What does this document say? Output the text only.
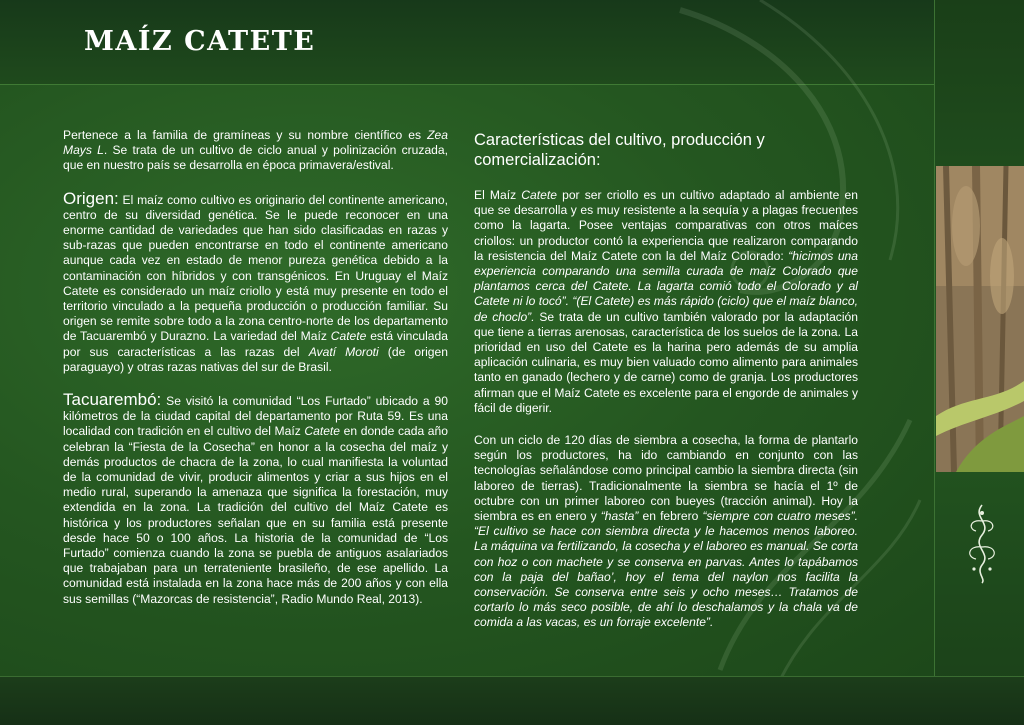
MAÍZ CATETE

Pertenece a la familia de gramíneas y su nombre científico es Zea Mays L. Se trata de un cultivo de ciclo anual y polinización cruzada, que en nuestro país se desarrolla en época primavera/estival.

Origen: El maíz como cultivo es originario del continente americano, centro de su diversidad genética. Se le puede reconocer en una enorme cantidad de variedades que han sido clasificadas en razas y sub-razas que pueden encontrarse en todo el continente americano aunque cada vez en estado de menor pureza genética debido a la contaminación con híbridos y con transgénicos. En Uruguay el Maíz Catete es considerado un maíz criollo y está muy presente en todo el territorio vinculado a la pequeña producción o producción familiar. Su origen se remite sobre todo a la zona centro-norte de los departamento de Tacuarembó y Durazno. La variedad del Maíz Catete está vinculada por sus características a las razas del Avatí Moroti (de origen paraguayo) y otras razas nativas del sur de Brasil.

Tacuarembó: Se visitó la comunidad “Los Furtado” ubicado a 90 kilómetros de la ciudad capital del departamento por Ruta 59. Es una localidad con tradición en el cultivo del Maíz Catete en donde cada año celebran la “Fiesta de la Cosecha” en honor a la cosecha del maíz y demás productos de chacra de la zona, lo cual manifiesta la voluntad de la comunidad de vivir, producir alimentos y criar a sus hijos en el medio rural, superando la amenaza que significa la forestación, muy extendida en la zona. La tradición del cultivo del Maíz Catete es histórica y los productores señalan que en su familia está presente desde hace 50 o 100 años. La historia de la comunidad de “Los Furtado” comienza cuando la zona se puebla de antiguos asalariados que trabajaban para un terrateniente brasileño, de ese apellido. La comunidad está instalada en la zona hace más de 200 años y con ella sus semillas (“Mazorcas de resistencia”, Radio Mundo Real, 2013).

Características del cultivo, producción y comercialización:

El Maíz Catete por ser criollo es un cultivo adaptado al ambiente en que se desarrolla y es muy resistente a la sequía y a plagas frecuentes como la lagarta. Posee ventajas comparativas con otros maíces criollos: un productor contó la experiencia que realizaron comparando la resistencia del Maíz Catete con la del Maíz Colorado: “hicimos una experiencia comparando una semilla curada de maíz Colorado que plantamos cerca del Catete. La lagarta comió todo el Colorado y al Catete ni lo tocó”. “(El Catete) es más rápido (ciclo) que el maíz blanco, de choclo”. Se trata de un cultivo también valorado por la adaptación que tiene a tierras arenosas, característica de los suelos de la zona. La prioridad en uso del Catete es la harina pero además de su amplia aplicación culinaria, es muy bien valuado como alimento para animales tanto en ganado (lechero y de carne) como de granja. Los productores afirman que el Maíz Catete es excelente para el engorde de animales y fácil de digerir.

Con un ciclo de 120 días de siembra a cosecha, la forma de plantarlo según los productores, ha ido cambiando en conjunto con las tecnologías señalándose como principal cambio la siembra directa (sin laboreo de tierras). Tradicionalmente la siembra se hacía el 1º de octubre con un primer laboreo con bueyes (tracción animal). Hoy la siembra es en enero y “hasta” en febrero “siempre con cuatro meses”. “El cultivo se hace con siembra directa y le hacemos menos laboreo. La máquina va fertilizando, la cosecha y el laboreo es manual. Se corta con hoz o con machete y se conserva en parvas. Antes lo tapábamos con la paja del bañao’, hoy el tema del naylon nos facilita la conservación. Se conserva entre seis y ocho meses… Tratamos de cortarlo lo más seco posible, de ahí lo deschalamos y la chala va de comida a las vacas, es un forraje excelente”.
